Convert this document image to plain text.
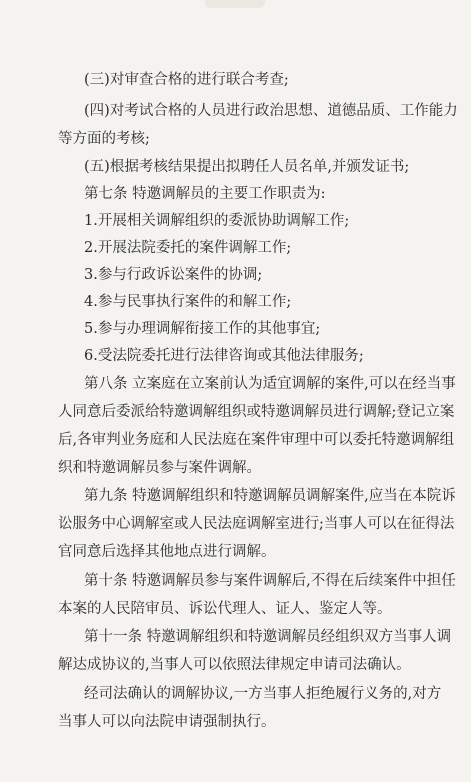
(三)对审查合格的进行联合考查;
(四)对考试合格的人员进行政治思想、道德品质、工作能力
等方面的考核;
(五)根据考核结果提出拟聘任人员名单,并颁发证书;
第七条 特邀调解员的主要工作职责为:
1.开展相关调解组织的委派协助调解工作;
2.开展法院委托的案件调解工作;
3.参与行政诉讼案件的协调;
4.参与民事执行案件的和解工作;
5.参与办理调解衔接工作的其他事宜;
6.受法院委托进行法律咨询或其他法律服务;
第八条 立案庭在立案前认为适宜调解的案件,可以在经当事
人同意后委派给特邀调解组织或特邀调解员进行调解;登记立案
后,各审判业务庭和人民法庭在案件审理中可以委托特邀调解组
织和特邀调解员参与案件调解。
第九条 特邀调解组织和特邀调解员调解案件,应当在本院诉
讼服务中心调解室或人民法庭调解室进行;当事人可以在征得法
官同意后选择其他地点进行调解。
第十条 特邀调解员参与案件调解后,不得在后续案件中担任
本案的人民陪审员、诉讼代理人、证人、鉴定人等。
第十一条 特邀调解组织和特邀调解员经组织双方当事人调
解达成协议的,当事人可以依照法律规定申请司法确认。
经司法确认的调解协议,一方当事人拒绝履行义务的,对方
当事人可以向法院申请强制执行。
